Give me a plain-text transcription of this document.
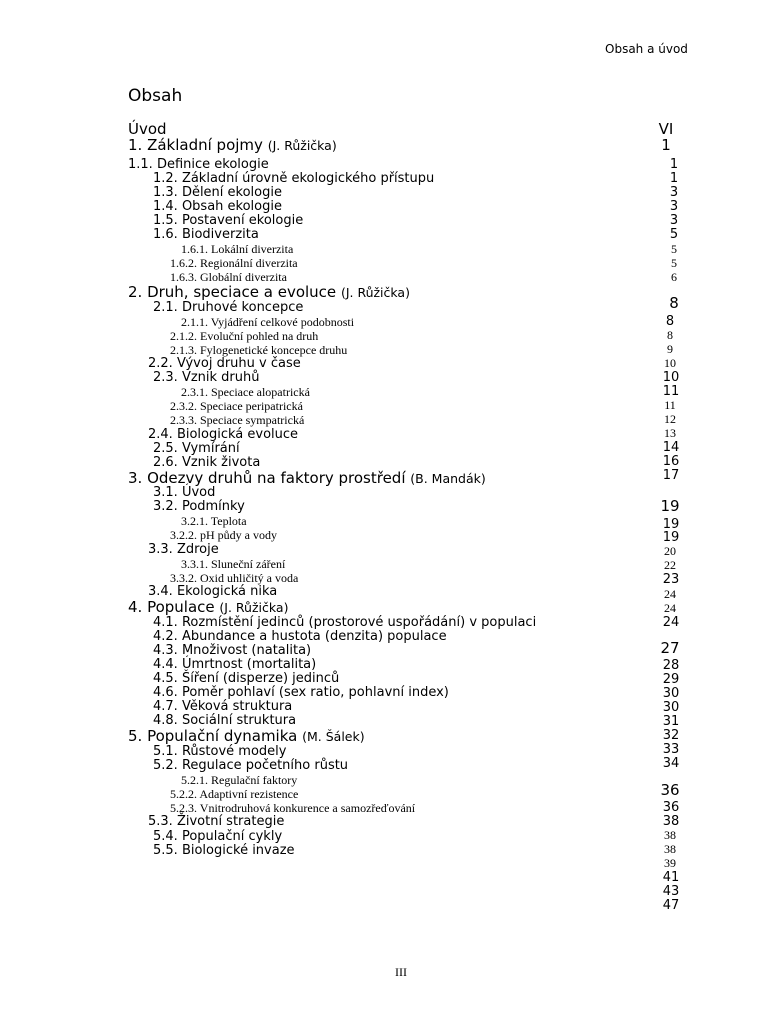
Obsah a úvod
Obsah
Úvod
1. Základní pojmy (J. Růžička)
1.1. Definice ekologie
1.2. Základní úrovně ekologického přístupu
1.3. Dělení ekologie
1.4. Obsah ekologie
1.5. Postavení ekologie
1.6. Biodiverzita
1.6.1. Lokální diverzita
1.6.2. Regionální diverzita
1.6.3. Globální diverzita
2. Druh, speciace a evoluce (J. Růžička)
2.1. Druhové koncepce
2.1.1. Vyjádření celkové podobnosti
2.1.2. Evoluční pohled na druh
2.1.3. Fylogenetické koncepce druhu
2.2. Vývoj druhu v čase
2.3. Vznik druhů
2.3.1. Speciace alopatrická
2.3.2. Speciace peripatrická
2.3.3. Speciace sympatrická
2.4. Biologická evoluce
2.5. Vymírání
2.6. Vznik života
3. Odezvy druhů na faktory prostředí (B. Mandák)
3.1. Úvod
3.2. Podmínky
3.2.1. Teplota
3.2.2. pH půdy a vody
3.3. Zdroje
3.3.1. Sluneční záření
3.3.2. Oxid uhličitý a voda
3.4. Ekologická nika
4. Populace (J. Růžička)
4.1. Rozmístění jedinců (prostorové uspořádání) v populaci
4.2. Abundance a hustota (denzita) populace
4.3. Množivost (natalita)
4.4. Úmrtnost (mortalita)
4.5. Šíření (disperze) jedinců
4.6. Poměr pohlaví (sex ratio, pohlavní index)
4.7. Věková struktura
4.8. Sociální struktura
5. Populační dynamika (M. Šálek)
5.1. Růstové modely
5.2. Regulace početního růstu
5.2.1. Regulační faktory
5.2.2. Adaptivní rezistence
5.2.3. Vnitrodruhová konkurence a samozřeďování
5.3. Životní strategie
5.4. Populační cykly
5.5. Biologické invaze
VI
1
1
1
3
3
3
5
5
5
6
8
8
8
9
10
10
11
11
12
13
14
16
17
19
19
19
20
22
23
24
24
24
27
28
29
30
30
31
32
33
34
36
36
38
38
38
39
41
43
47
III
